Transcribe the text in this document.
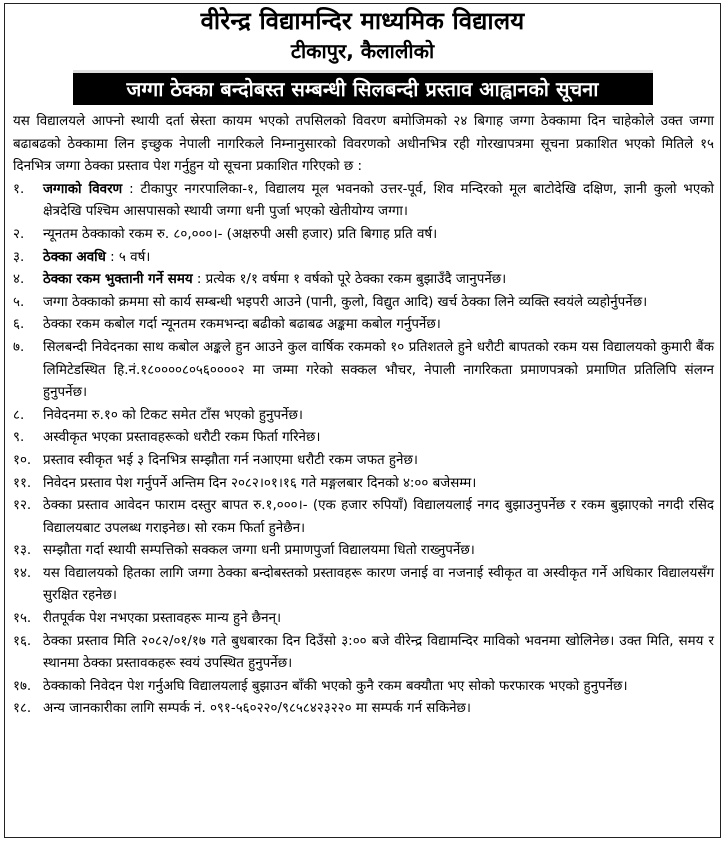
वीरेन्द्र विद्यामन्दिर माध्यमिक विद्यालय
टीकापुर, कैलालीको
जग्गा ठेक्का बन्दोबस्त सम्बन्धी सिलबन्दी प्रस्ताव आह्वानको सूचना
यस विद्यालयले आफ्नो स्थायी दर्ता स्रेस्ता कायम भएको तपसिलको विवरण बमोजिमको २४ बिगाह जग्गा ठेक्कामा दिन चाहेकोले उक्त जग्गा बढाबढको ठेक्कामा लिन इच्छुक नेपाली नागरिकले निम्नानुसारको विवरणको अधीनभित्र रही गोरखापत्रमा सूचना प्रकाशित भएको मितिले १५ दिनभित्र जग्गा ठेक्का प्रस्ताव पेश गर्नुहुन यो सूचना प्रकाशित गरिएको छ :
१.	जग्गाको विवरण : टीकापुर नगरपालिका-१, विद्यालय मूल भवनको उत्तर-पूर्व, शिव मन्दिरको मूल बाटोदेखि दक्षिण, ज्ञानी कुलो भएको क्षेत्रदेखि पश्चिम आसपासको स्थायी जग्गा धनी पुर्जा भएको खेतीयोग्य जग्गा।
२.	न्यूनतम ठेक्काको रकम रु. ८०,०००।- (अक्षरुपी असी हजार) प्रति बिगाह प्रति वर्ष।
३.	ठेक्का अवधि : ५ वर्ष।
४.	ठेक्का रकम भुक्तानी गर्ने समय : प्रत्येक १/१ वर्षमा १ वर्षको पूरे ठेक्का रकम बुझाउँदै जानुपर्नेछ।
५.	जग्गा ठेक्काको क्रममा सो कार्य सम्बन्धी भइपरी आउने (पानी, कुलो, विद्युत आदि) खर्च ठेक्का लिने व्यक्ति स्वयंले व्यहोर्नुपर्नेछ।
६.	ठेक्का रकम कबोल गर्दा न्यूनतम रकमभन्दा बढीको बढाबढ अङ्कमा कबोल गर्नुपर्नेछ।
७.	सिलबन्दी निवेदनका साथ कबोल अङ्कले हुन आउने कुल वार्षिक रकमको १० प्रतिशतले हुने धरौटी बापतको रकम यस विद्यालयको कुमारी बैंक लिमिटेडस्थित हि.नं.१८००००८०५६००००२ मा जम्मा गरेको सक्कल भौचर, नेपाली नागरिकता प्रमाणपत्रको प्रमाणित प्रतिलिपि संलग्न हुनुपर्नेछ।
८.	निवेदनमा रु.१० को टिकट समेत टाँस भएको हुनुपर्नेछ।
९.	अस्वीकृत भएका प्रस्तावहरूको धरौटी रकम फिर्ता गरिनेछ।
१०. प्रस्ताव स्वीकृत भई ३ दिनभित्र सम्झौता गर्न नआएमा धरौटी रकम जफत हुनेछ।
११. निवेदन प्रस्ताव पेश गर्नुपर्ने अन्तिम दिन २०८२।०१।१६ गते मङ्गलबार दिनको ४:०० बजेसम्म।
१२. ठेक्का प्रस्ताव आवेदन फाराम दस्तुर बापत रु.१,०००।- (एक हजार रुपियाँ) विद्यालयलाई नगद बुझाउनुपर्नेछ र रकम बुझाएको नगदी रसिद विद्यालयबाट उपलब्ध गराइनेछ। सो रकम फिर्ता हुनेछैन।
१३. सम्झौता गर्दा स्थायी सम्पत्तिको सक्कल जग्गा धनी प्रमाणपुर्जा विद्यालयमा धितो राख्नुपर्नेछ।
१४. यस विद्यालयको हितका लागि जग्गा ठेक्का बन्दोबस्तको प्रस्तावहरू कारण जनाई वा नजनाई स्वीकृत वा अस्वीकृत गर्ने अधिकार विद्यालयसँग सुरक्षित रहनेछ।
१५. रीतपूर्वक पेश नभएका प्रस्तावहरू मान्य हुने छैनन्।
१६. ठेक्का प्रस्ताव मिति २०८२/०१/१७ गते बुधबारका दिन दिउँसो ३:०० बजे वीरेन्द्र विद्यामन्दिर माविको भवनमा खोलिनेछ। उक्त मिति, समय र स्थानमा ठेक्का प्रस्तावकहरू स्वयं उपस्थित हुनुपर्नेछ।
१७. ठेक्काको निवेदन पेश गर्नुअघि विद्यालयलाई बुझाउन बाँकी भएको कुनै रकम बक्यौता भए सोको फरफारक भएको हुनुपर्नेछ।
१८. अन्य जानकारीका लागि सम्पर्क नं. ०९१-५६०२२०/९८५८४२३२२० मा सम्पर्क गर्न सकिनेछ।
